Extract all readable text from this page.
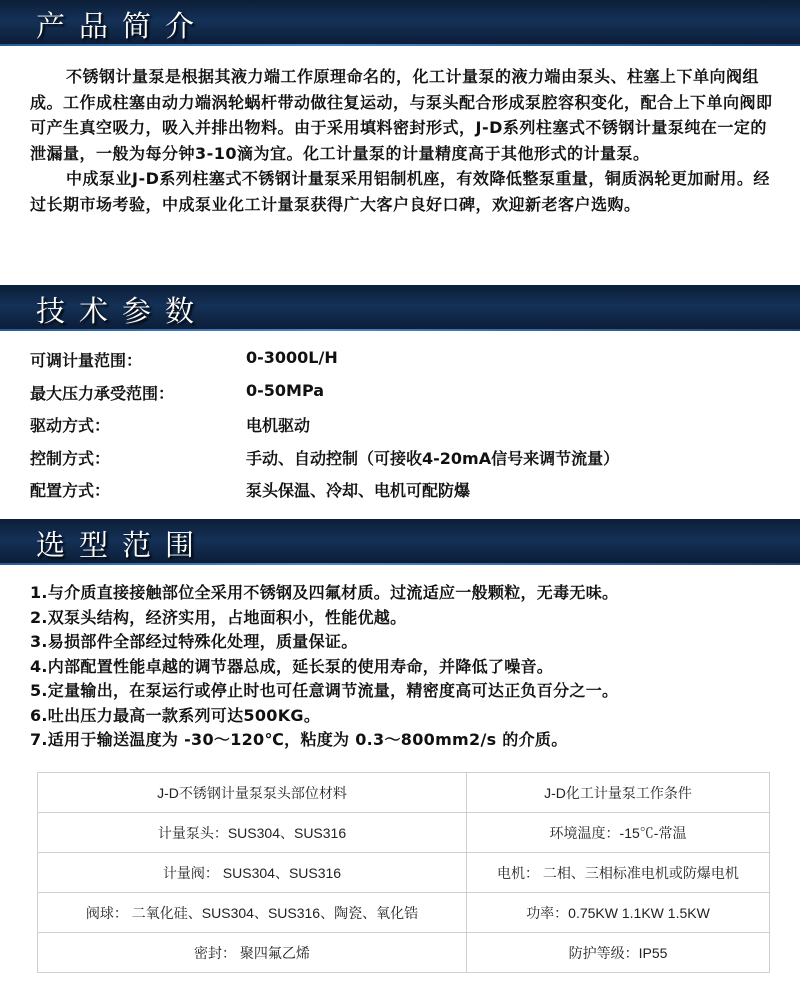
产品简介

不锈钢计量泵是根据其液力端工作原理命名的，化工计量泵的液力端由泵头、柱塞上下单向阀组成。工作成柱塞由动力端涡轮蜗杆带动做往复运动，与泵头配合形成泵腔容积变化，配合上下单向阀即可产生真空吸力，吸入并排出物料。由于采用填料密封形式，J-D系列柱塞式不锈钢计量泵纯在一定的泄漏量，一般为每分钟3-10滴为宜。化工计量泵的计量精度高于其他形式的计量泵。

中成泵业J-D系列柱塞式不锈钢计量泵采用铝制机座，有效降低整泵重量，铜质涡轮更加耐用。经过长期市场考验，中成泵业化工计量泵获得广大客户良好口碑，欢迎新老客户选购。

技术参数
可调计量范围：	0-3000L/H
最大压力承受范围：	0-50MPa
驱动方式：	电机驱动
控制方式：	手动、自动控制（可接收4-20mA信号来调节流量）
配置方式：	泵头保温、冷却、电机可配防爆
选型范围
1.与介质直接接触部位全采用不锈钢及四氟材质。过流适应一般颗粒，无毒无味。
2.双泵头结构，经济实用，占地面积小，性能优越。
3.易损部件全部经过特殊化处理，质量保证。
4.内部配置性能卓越的调节器总成，延长泵的使用寿命，并降低了噪音。
5.定量输出，在泵运行或停止时也可任意调节流量，精密度高可达正负百分之一。
6.吐出压力最高一款系列可达500KG。
7.适用于输送温度为 -30～120℃，粘度为 0.3～800mm2/s 的介质。
J-D不锈钢计量泵泵头部位材料	J-D化工计量泵工作条件
计量泵头：SUS304、SUS316	环境温度：-15℃-常温
计量阀： SUS304、SUS316	电机： 二相、三相标准电机或防爆电机
阀球： 二氧化硅、SUS304、SUS316、陶瓷、氧化锆	功率：0.75KW 1.1KW 1.5KW
密封： 聚四氟乙烯	防护等级：IP55
